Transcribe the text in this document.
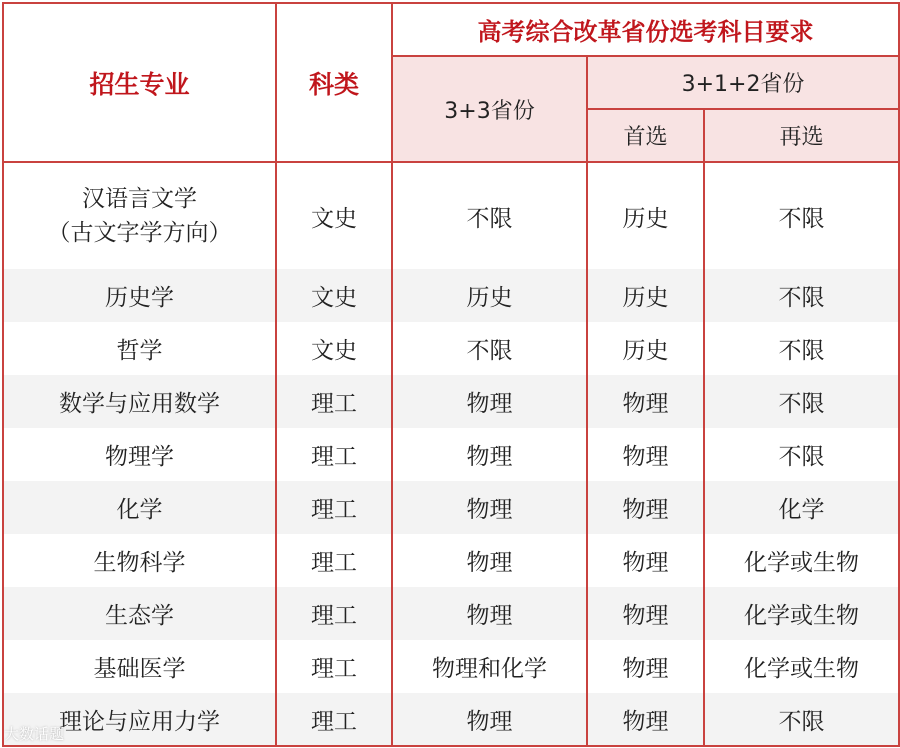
招生专业	科类	高考综合改革省份选考科目要求		
		3+3省份	3+1+2省份	
			首选	再选

汉语言文学
（古文字学方向）	文史	不限	历史	不限
历史学	文史	历史	历史	不限
哲学	文史	不限	历史	不限
数学与应用数学	理工	物理	物理	不限
物理学	理工	物理	物理	不限
化学	理工	物理	物理	化学
生物科学	理工	物理	物理	化学或生物
生态学	理工	物理	物理	化学或生物
基础医学	理工	物理和化学	物理	化学或生物
理论与应用力学	理工	物理	物理	不限
大数话题
